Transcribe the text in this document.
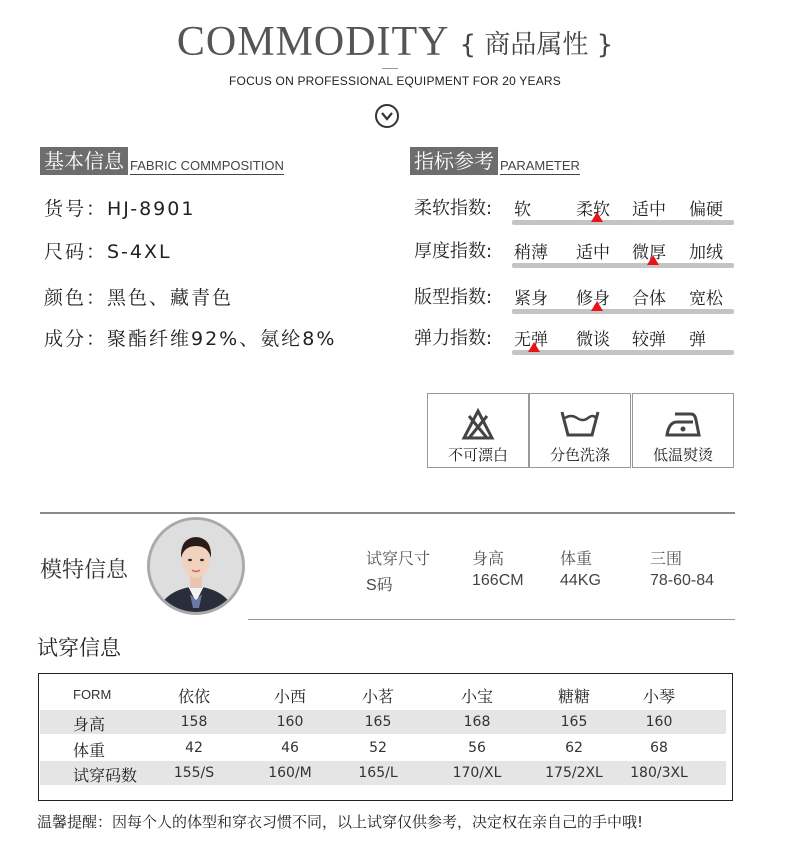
COMMODITY { 商品属性 }
FOCUS ON PROFESSIONAL EQUIPMENT FOR 20 YEARS
基本信息 FABRIC COMMPOSITION
货号：HJ-8901
尺码：S-4XL
颜色：黑色、藏青色
成分：聚酯纤维92%、氨纶8%
指标参考 PARAMETER
柔软指数: 软	柔软 适中 偏硬
厚度指数: 稍薄 适中 微厚 加绒
版型指数: 紧身 修身 合体 宽松
弹力指数: 无弹 微谈 较弹 弹
不可漂白	分色洗涤	低温熨烫
模特信息	试穿尺寸	身高	体重	三围
S码	166CM 44KG	78-60-84
试穿信息
FORM	依依	小西	小茗	小宝	糖糖	小琴
身高	158	160	165	168	165	160
体重	42	46	52	56	62	68
试穿码数	155/S	160/M	165/L	170/XL	175/2XL	180/3XL
温馨提醒：因每个人的体型和穿衣习惯不同，以上试穿仅供参考，决定权在亲自己的手中哦!
